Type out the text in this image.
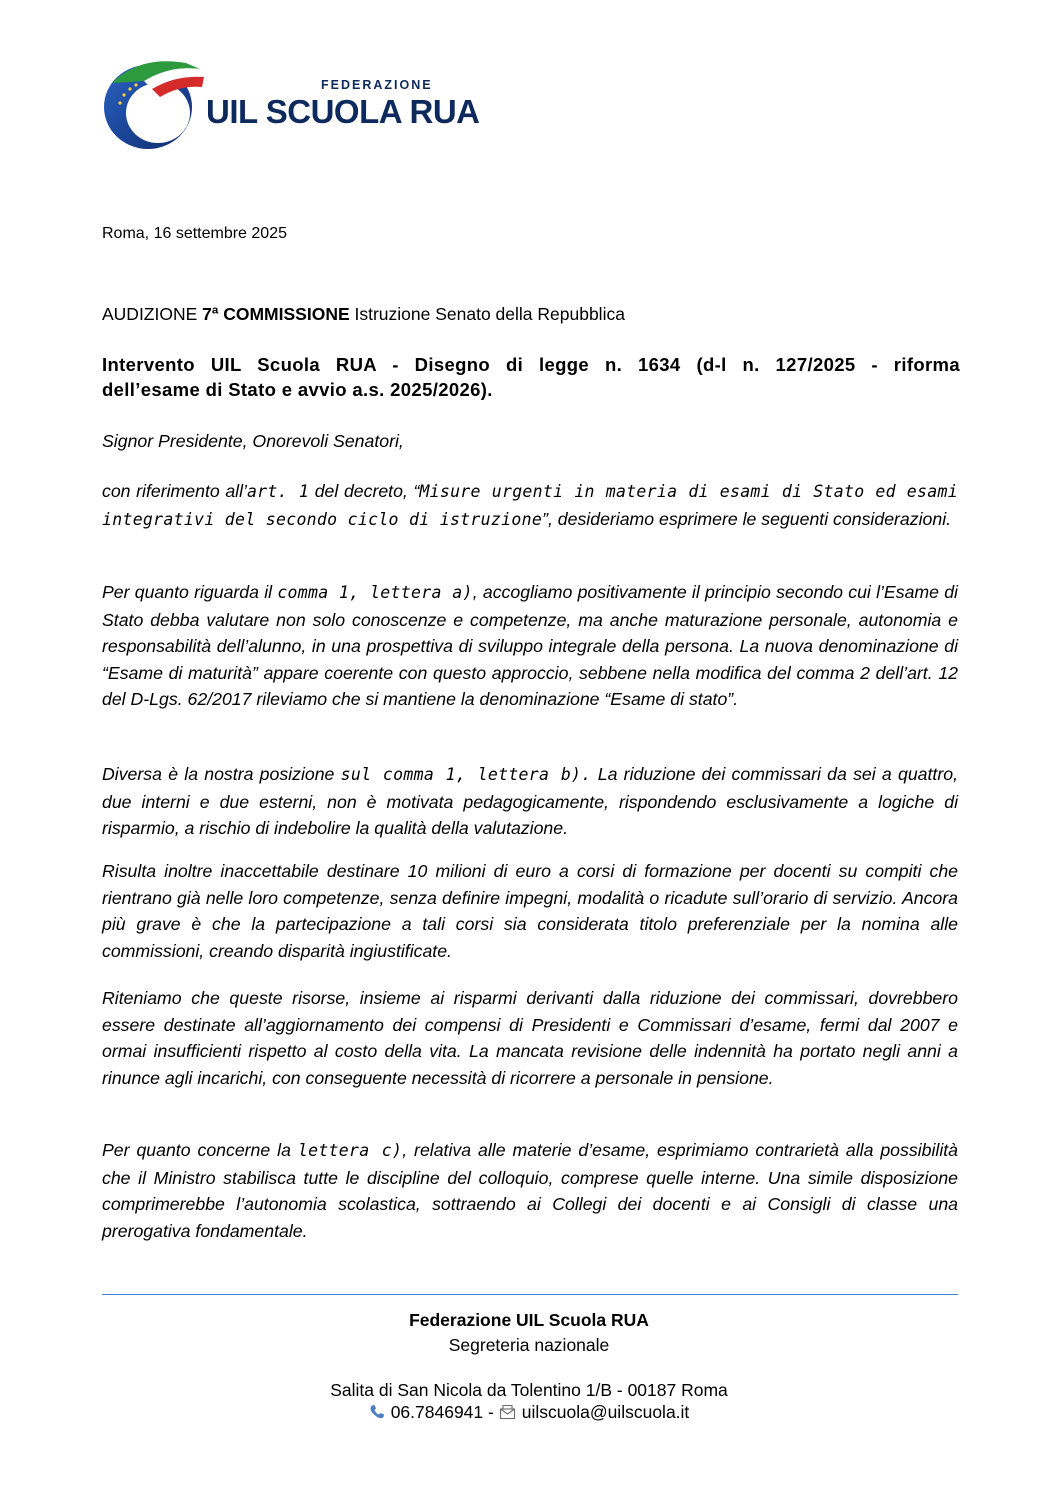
FEDERAZIONE
UIL SCUOLA RUA
Roma, 16 settembre 2025
AUDIZIONE 7ª COMMISSIONE Istruzione Senato della Repubblica
Intervento UIL Scuola RUA - Disegno di legge n. 1634 (d-l n. 127/2025 - riforma
dell’esame di Stato e avvio a.s. 2025/2026).
Signor Presidente, Onorevoli Senatori,
con riferimento all’art. 1 del decreto, “Misure urgenti in materia di esami di Stato ed esami integrativi del secondo ciclo di istruzione”, desideriamo esprimere le seguenti considerazioni.
Per quanto riguarda il comma 1, lettera a), accogliamo positivamente il principio secondo cui l’Esame di Stato debba valutare non solo conoscenze e competenze, ma anche maturazione personale, autonomia e responsabilità dell’alunno, in una prospettiva di sviluppo integrale della persona. La nuova denominazione di “Esame di maturità” appare coerente con questo approccio, sebbene nella modifica del comma 2 dell’art. 12 del D-Lgs. 62/2017 rileviamo che si mantiene la denominazione “Esame di stato”.
Diversa è la nostra posizione sul comma 1, lettera b). La riduzione dei commissari da sei a quattro, due interni e due esterni, non è motivata pedagogicamente, rispondendo esclusivamente a logiche di risparmio, a rischio di indebolire la qualità della valutazione.
Risulta inoltre inaccettabile destinare 10 milioni di euro a corsi di formazione per docenti su compiti che rientrano già nelle loro competenze, senza definire impegni, modalità o ricadute sull’orario di servizio. Ancora più grave è che la partecipazione a tali corsi sia considerata titolo preferenziale per la nomina alle commissioni, creando disparità ingiustificate.
Riteniamo che queste risorse, insieme ai risparmi derivanti dalla riduzione dei commissari, dovrebbero essere destinate all’aggiornamento dei compensi di Presidenti e Commissari d’esame, fermi dal 2007 e ormai insufficienti rispetto al costo della vita. La mancata revisione delle indennità ha portato negli anni a rinunce agli incarichi, con conseguente necessità di ricorrere a personale in pensione.
Per quanto concerne la lettera c), relativa alle materie d’esame, esprimiamo contrarietà alla possibilità che il Ministro stabilisca tutte le discipline del colloquio, comprese quelle interne. Una simile disposizione comprimerebbe l’autonomia scolastica, sottraendo ai Collegi dei docenti e ai Consigli di classe una prerogativa fondamentale.
Federazione UIL Scuola RUA
Segreteria nazionale
Salita di San Nicola da Tolentino 1/B - 00187 Roma
06.7846941 - uilscuola@uilscuola.it
